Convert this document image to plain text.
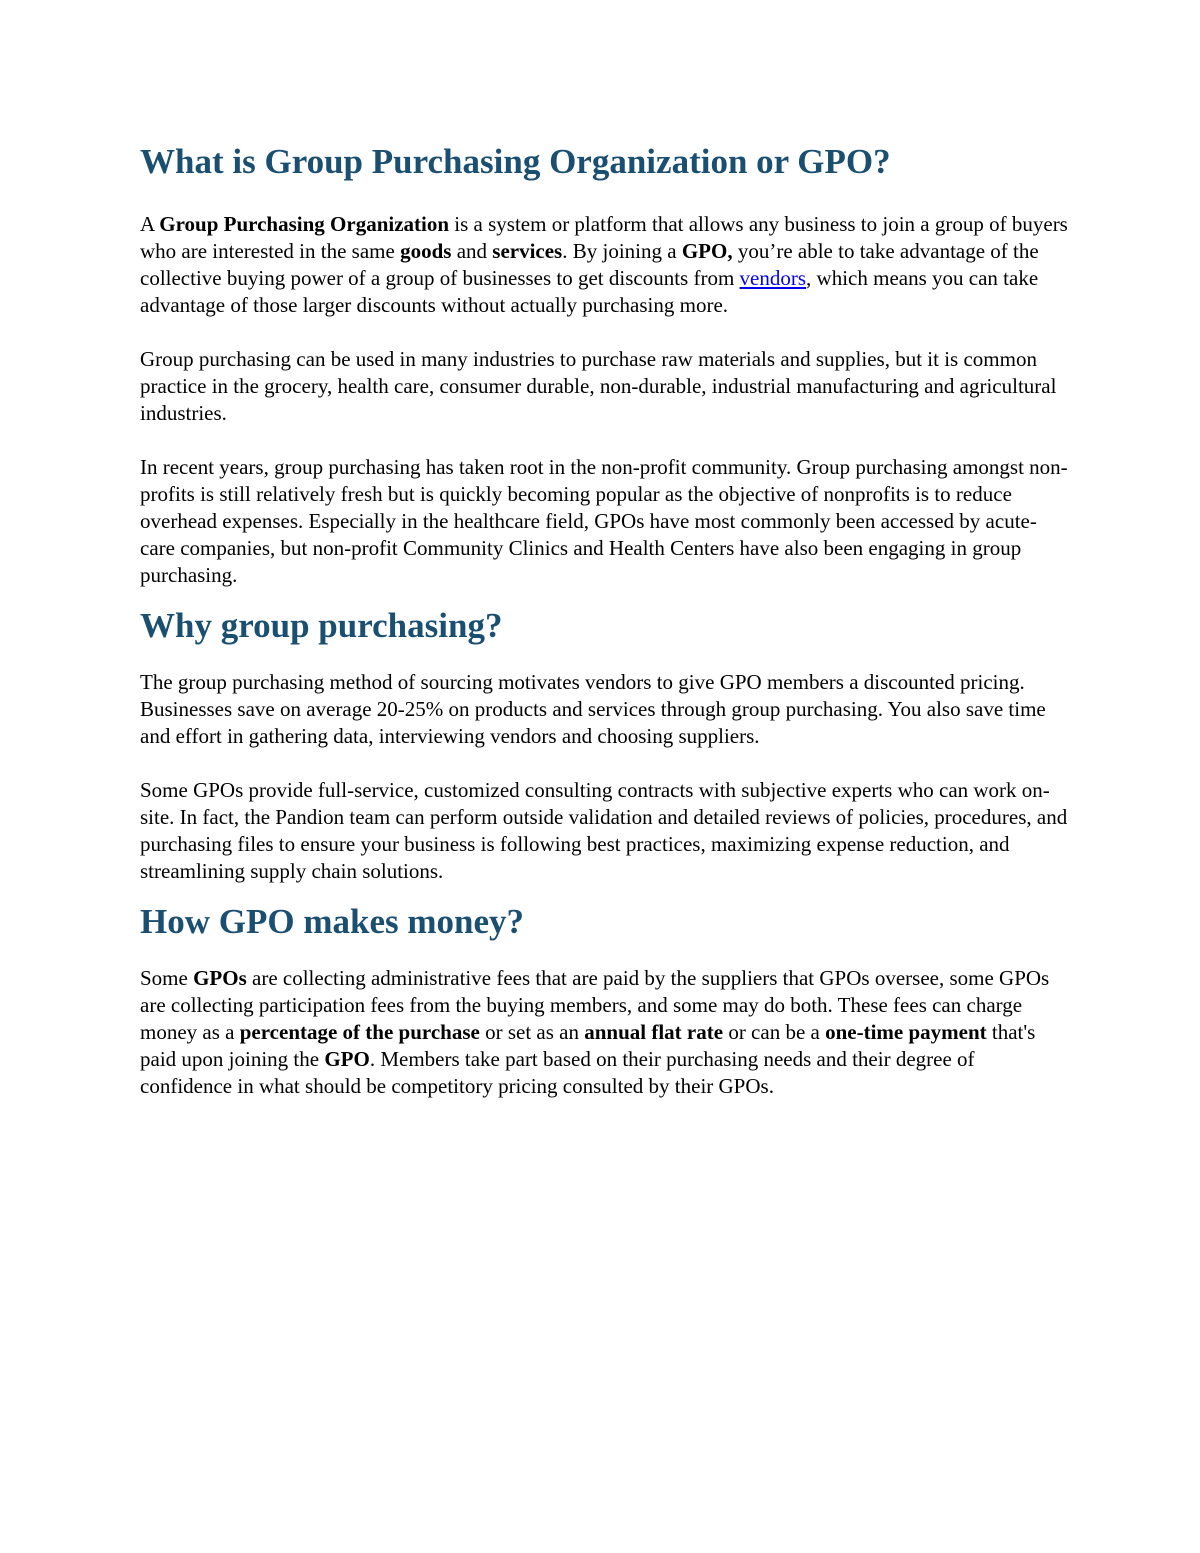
What is Group Purchasing Organization or GPO?

A Group Purchasing Organization is a system or platform that allows any business to join a group of buyers who are interested in the same goods and services. By joining a GPO, you’re able to take advantage of the collective buying power of a group of businesses to get discounts from vendors, which means you can take advantage of those larger discounts without actually purchasing more.

Group purchasing can be used in many industries to purchase raw materials and supplies, but it is common practice in the grocery, health care, consumer durable, non-durable, industrial manufacturing and agricultural industries.

In recent years, group purchasing has taken root in the non-profit community. Group purchasing amongst non-profits is still relatively fresh but is quickly becoming popular as the objective of nonprofits is to reduce overhead expenses. Especially in the healthcare field, GPOs have most commonly been accessed by acute-care companies, but non-profit Community Clinics and Health Centers have also been engaging in group purchasing.

Why group purchasing?

The group purchasing method of sourcing motivates vendors to give GPO members a discounted pricing. Businesses save on average 20-25% on products and services through group purchasing. You also save time and effort in gathering data, interviewing vendors and choosing suppliers.

Some GPOs provide full-service, customized consulting contracts with subjective experts who can work on-site. In fact, the Pandion team can perform outside validation and detailed reviews of policies, procedures, and purchasing files to ensure your business is following best practices, maximizing expense reduction, and streamlining supply chain solutions.

How GPO makes money?

Some GPOs are collecting administrative fees that are paid by the suppliers that GPOs oversee, some GPOs are collecting participation fees from the buying members, and some may do both. These fees can charge money as a percentage of the purchase or set as an annual flat rate or can be a one-time payment that's paid upon joining the GPO. Members take part based on their purchasing needs and their degree of confidence in what should be competitory pricing consulted by their GPOs.
